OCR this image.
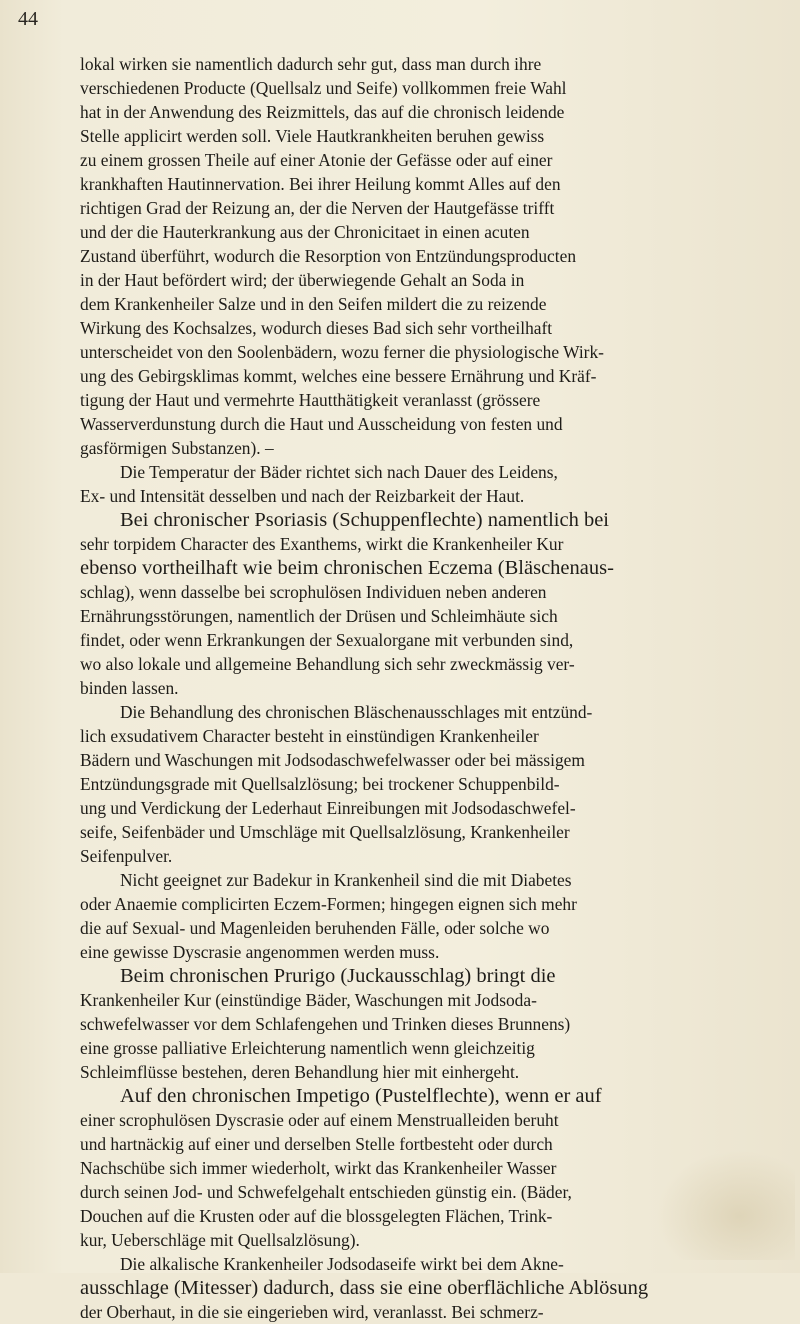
44
lokal wirken sie namentlich dadurch sehr gut, dass man durch ihre
verschiedenen Producte (Quellsalz und Seife) vollkommen freie Wahl
hat in der Anwendung des Reizmittels, das auf die chronisch leidende
Stelle applicirt werden soll. Viele Hautkrankheiten beruhen gewiss
zu einem grossen Theile auf einer Atonie der Gefässe oder auf einer
krankhaften Hautinnervation. Bei ihrer Heilung kommt Alles auf den
richtigen Grad der Reizung an, der die Nerven der Hautgefässe trifft
und der die Hauterkrankung aus der Chronicitaet in einen acuten
Zustand überführt, wodurch die Resorption von Entzündungsproducten
in der Haut befördert wird; der überwiegende Gehalt an Soda in
dem Krankenheiler Salze und in den Seifen mildert die zu reizende
Wirkung des Kochsalzes, wodurch dieses Bad sich sehr vortheilhaft
unterscheidet von den Soolenbädern, wozu ferner die physiologische Wirk-
ung des Gebirgsklimas kommt, welches eine bessere Ernährung und Kräf-
tigung der Haut und vermehrte Hautthätigkeit veranlasst (grössere
Wasserverdunstung durch die Haut und Ausscheidung von festen und
gasförmigen Substanzen). –
Die Temperatur der Bäder richtet sich nach Dauer des Leidens,
Ex- und Intensität desselben und nach der Reizbarkeit der Haut.
Bei chronischer Psoriasis (Schuppenflechte) namentlich bei
sehr torpidem Character des Exanthems, wirkt die Krankenheiler Kur
ebenso vortheilhaft wie beim chronischen Eczema (Bläschenaus-
schlag), wenn dasselbe bei scrophulösen Individuen neben anderen
Ernährungsstörungen, namentlich der Drüsen und Schleimhäute sich
findet, oder wenn Erkrankungen der Sexualorgane mit verbunden sind,
wo also lokale und allgemeine Behandlung sich sehr zweckmässig ver-
binden lassen.
Die Behandlung des chronischen Bläschenausschlages mit entzünd-
lich exsudativem Character besteht in einstündigen Krankenheiler
Bädern und Waschungen mit Jodsodaschwefelwasser oder bei mässigem
Entzündungsgrade mit Quellsalzlösung; bei trockener Schuppenbild-
ung und Verdickung der Lederhaut Einreibungen mit Jodsodaschwefel-
seife, Seifenbäder und Umschläge mit Quellsalzlösung, Krankenheiler
Seifenpulver.
Nicht geeignet zur Badekur in Krankenheil sind die mit Diabetes
oder Anaemie complicirten Eczem-Formen; hingegen eignen sich mehr
die auf Sexual- und Magenleiden beruhenden Fälle, oder solche wo
eine gewisse Dyscrasie angenommen werden muss.
Beim chronischen Prurigo (Juckausschlag) bringt die
Krankenheiler Kur (einstündige Bäder, Waschungen mit Jodsoda-
schwefelwasser vor dem Schlafengehen und Trinken dieses Brunnens)
eine grosse palliative Erleichterung namentlich wenn gleichzeitig
Schleimflüsse bestehen, deren Behandlung hier mit einhergeht.
Auf den chronischen Impetigo (Pustelflechte), wenn er auf
einer scrophulösen Dyscrasie oder auf einem Menstrualleiden beruht
und hartnäckig auf einer und derselben Stelle fortbesteht oder durch
Nachschübe sich immer wiederholt, wirkt das Krankenheiler Wasser
durch seinen Jod- und Schwefelgehalt entschieden günstig ein. (Bäder,
Douchen auf die Krusten oder auf die blossgelegten Flächen, Trink-
kur, Ueberschläge mit Quellsalzlösung).
Die alkalische Krankenheiler Jodsodaseife wirkt bei dem Akne-
ausschlage (Mitesser) dadurch, dass sie eine oberflächliche Ablösung
der Oberhaut, in die sie eingerieben wird, veranlasst. Bei schmerz-
